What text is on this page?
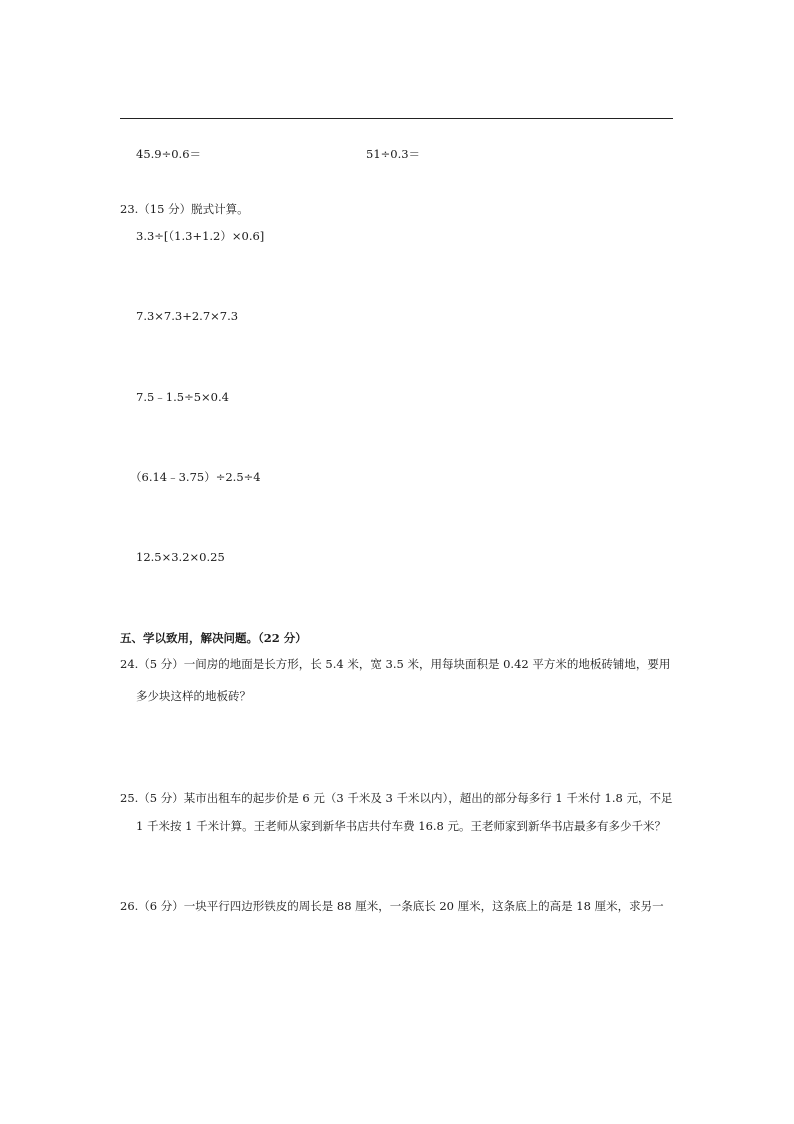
45.9÷0.6＝	51÷0.3＝
23.（15 分）脱式计算。
3.3÷[（1.3+1.2）×0.6]
7.3×7.3+2.7×7.3
7.5﹣1.5÷5×0.4
（6.14﹣3.75）÷2.5÷4
12.5×3.2×0.25
五、学以致用，解决问题。（22 分）
24.（5 分）一间房的地面是长方形，长 5.4 米，宽 3.5 米，用每块面积是 0.42 平方米的地板砖铺地，要用
多少块这样的地板砖？
25.（5 分）某市出租车的起步价是 6 元（3 千米及 3 千米以内），超出的部分每多行 1 千米付 1.8 元，不足
1 千米按 1 千米计算。王老师从家到新华书店共付车费 16.8 元。王老师家到新华书店最多有多少千米？
26.（6 分）一块平行四边形铁皮的周长是 88 厘米，一条底长 20 厘米，这条底上的高是 18 厘米，求另一
